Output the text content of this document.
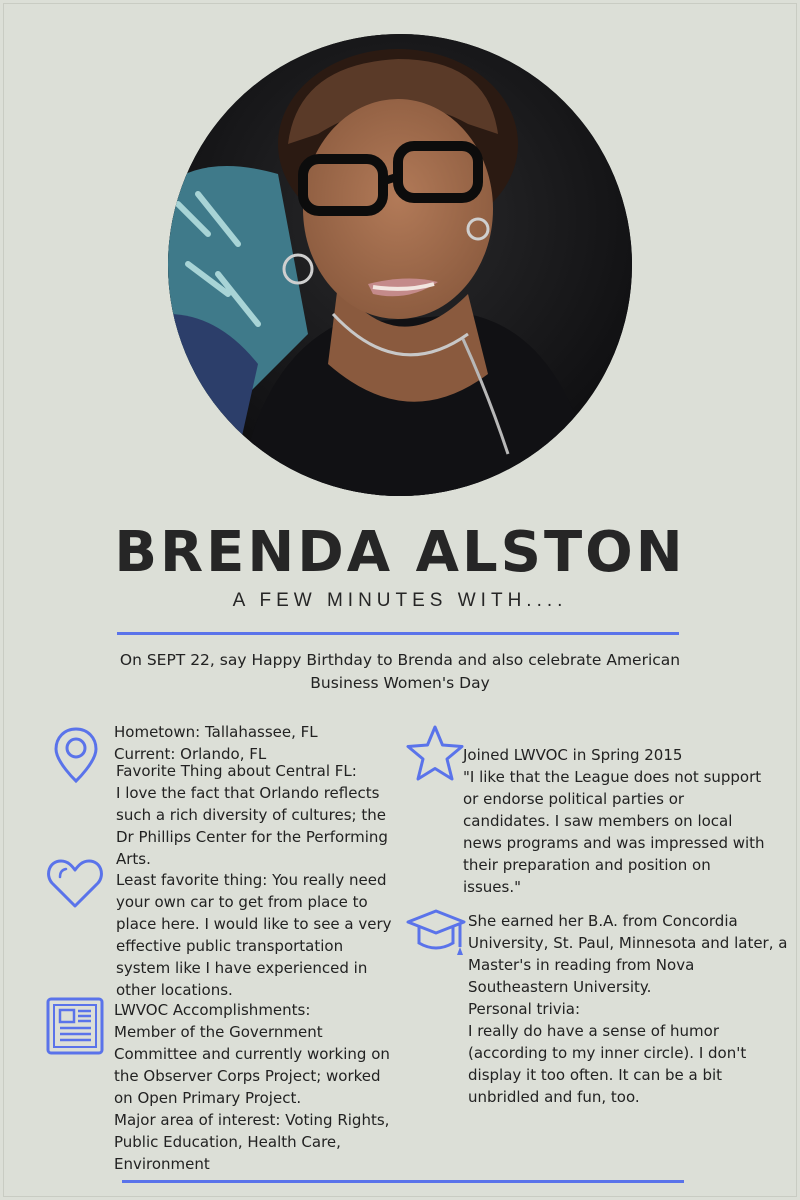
BRENDA ALSTON
A FEW MINUTES WITH....
On SEPT 22, say Happy Birthday to Brenda and also celebrate American Business Women's Day
Hometown: Tallahassee, FL
Current: Orlando, FL
Favorite Thing about Central FL:
I love the fact that Orlando reflects
such a rich diversity of cultures; the
Dr Phillips Center for the Performing
Arts.
Least favorite thing: You really need
your own car to get from place to
place here. I would like to see a very
effective public transportation
system like I have experienced in
other locations.
LWVOC Accomplishments:
Member of the Government
Committee and currently working on
the Observer Corps Project; worked
on Open Primary Project.
Major area of interest: Voting Rights,
Public Education, Health Care,
Environment
Joined LWVOC in Spring 2015
"I like that the League does not support
or endorse political parties or
candidates. I saw members on local
news programs and was impressed with
their preparation and position on
issues."
She earned her B.A. from Concordia
University, St. Paul, Minnesota and later, a
Master's in reading from Nova
Southeastern University.
Personal trivia:
I really do have a sense of humor
(according to my inner circle). I don't
display it too often. It can be a bit
unbridled and fun, too.
